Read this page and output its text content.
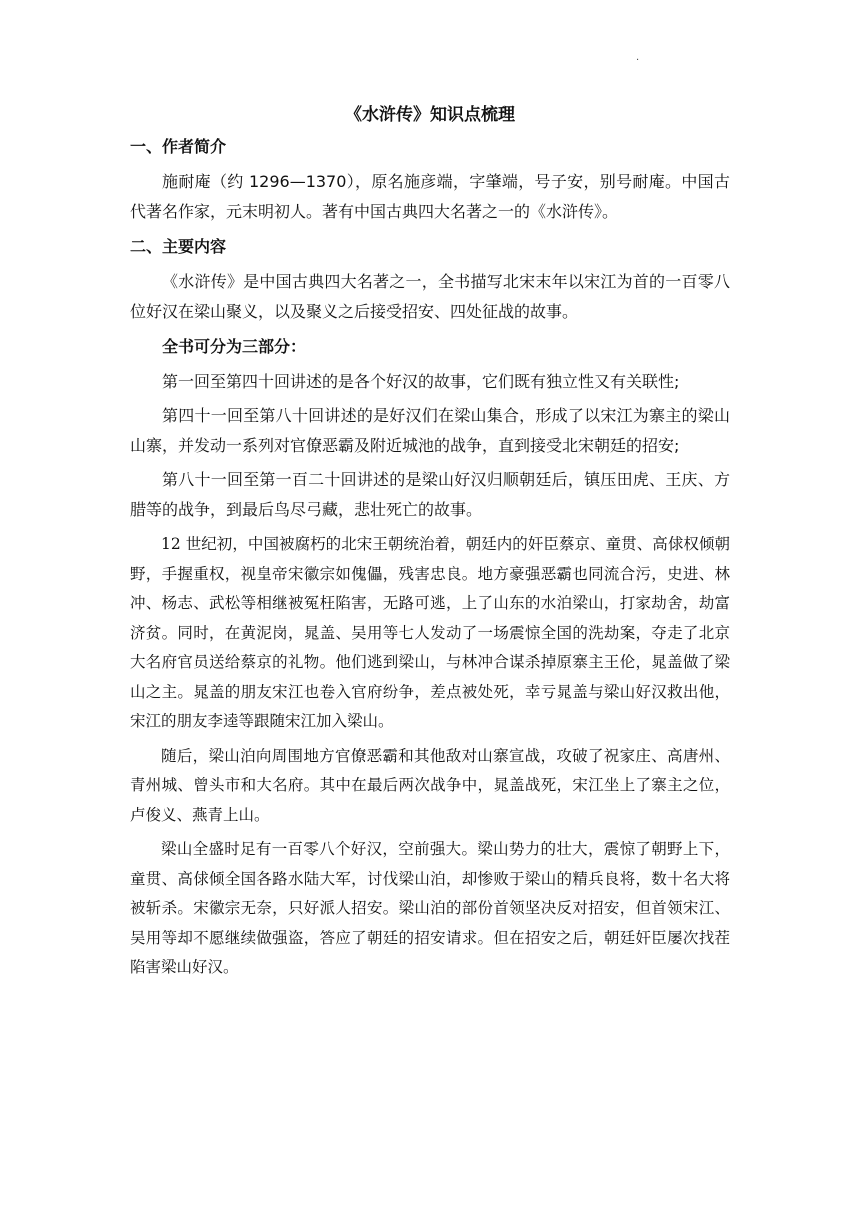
.
《水浒传》知识点梳理
一、作者简介
施耐庵（约 1296—1370），原名施彦端，字肇端，号子安，别号耐庵。中国古代著名作家，元末明初人。著有中国古典四大名著之一的《水浒传》。
二、主要内容
《水浒传》是中国古典四大名著之一，全书描写北宋末年以宋江为首的一百零八位好汉在梁山聚义，以及聚义之后接受招安、四处征战的故事。
全书可分为三部分：
第一回至第四十回讲述的是各个好汉的故事，它们既有独立性又有关联性;
第四十一回至第八十回讲述的是好汉们在梁山集合，形成了以宋江为寨主的梁山山寨，并发动一系列对官僚恶霸及附近城池的战争，直到接受北宋朝廷的招安;
第八十一回至第一百二十回讲述的是梁山好汉归顺朝廷后，镇压田虎、王庆、方腊等的战争，到最后鸟尽弓藏，悲壮死亡的故事。
12 世纪初，中国被腐朽的北宋王朝统治着，朝廷内的奸臣蔡京、童贯、高俅权倾朝野，手握重权，视皇帝宋徽宗如傀儡，残害忠良。地方豪强恶霸也同流合污，史进、林冲、杨志、武松等相继被冤枉陷害，无路可逃，上了山东的水泊梁山，打家劫舍，劫富济贫。同时，在黄泥岗，晁盖、吴用等七人发动了一场震惊全国的洗劫案，夺走了北京大名府官员送给蔡京的礼物。他们逃到梁山，与林冲合谋杀掉原寨主王伦，晁盖做了梁山之主。晁盖的朋友宋江也卷入官府纷争，差点被处死，幸亏晁盖与梁山好汉救出他，宋江的朋友李逵等跟随宋江加入梁山。
随后，梁山泊向周围地方官僚恶霸和其他敌对山寨宣战，攻破了祝家庄、高唐州、青州城、曾头市和大名府。其中在最后两次战争中，晁盖战死，宋江坐上了寨主之位，卢俊义、燕青上山。
梁山全盛时足有一百零八个好汉，空前强大。梁山势力的壮大，震惊了朝野上下，童贯、高俅倾全国各路水陆大军，讨伐梁山泊，却惨败于梁山的精兵良将，数十名大将被斩杀。宋徽宗无奈，只好派人招安。梁山泊的部份首领坚决反对招安，但首领宋江、吴用等却不愿继续做强盗，答应了朝廷的招安请求。但在招安之后，朝廷奸臣屡次找茬陷害梁山好汉。
